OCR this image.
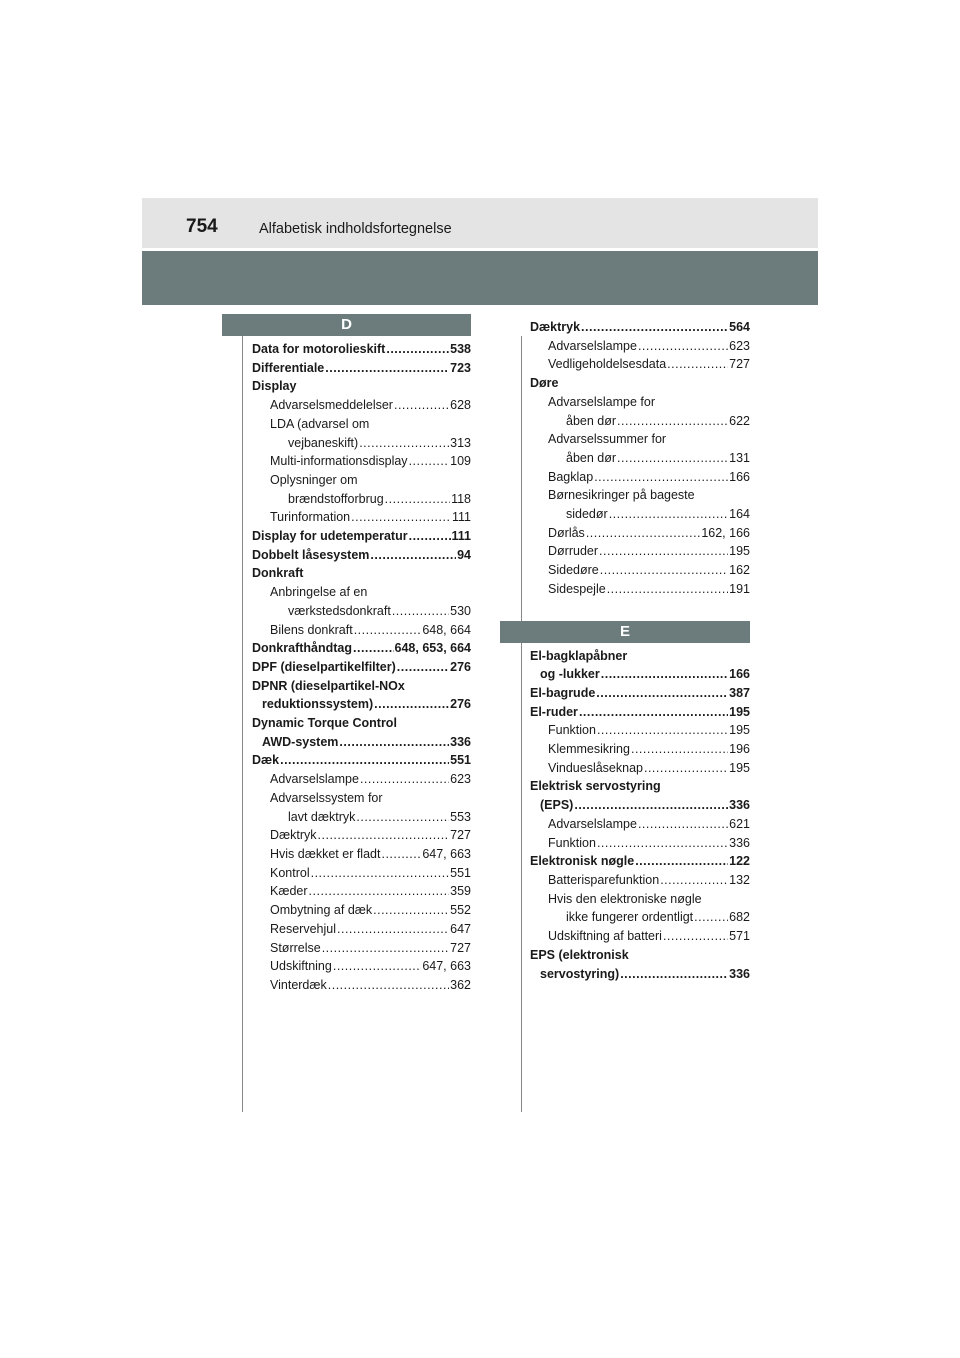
754	Alfabetisk indholdsfortegnelse
D
Data for motorolieskift .....	538
Differentiale .....	723
Display
Advarselsmeddelelser .....	628
LDA (advarsel om
vejbaneskift) .....	313
Multi-informationsdisplay .....	109
Oplysninger om
brændstofforbrug .....	118
Turinformation .....	111
Display for udetemperatur .....	111
Dobbelt låsesystem .....	94
Donkraft
Anbringelse af en
værkstedsdonkraft .....	530
Bilens donkraft .....	648, 664
Donkrafthåndtag .....	648, 653, 664
DPF (dieselpartikelfilter) .....	276
DPNR (dieselpartikel-NOx
reduktionssystem) .....	276
Dynamic Torque Control
AWD-system .....	336
Dæk .....	551
Advarselslampe .....	623
Advarselssystem for
lavt dæktryk .....	553
Dæktryk .....	727
Hvis dækket er fladt .....	647, 663
Kontrol .....	551
Kæder .....	359
Ombytning af dæk .....	552
Reservehjul .....	647
Størrelse .....	727
Udskiftning .....	647, 663
Vinterdæk .....	362
Dæktryk .....	564
Advarselslampe .....	623
Vedligeholdelsesdata .....	727
Døre
Advarselslampe for
åben dør .....	622
Advarselssummer for
åben dør .....	131
Bagklap .....	166
Børnesikringer på bageste
sidedør .....	164
Dørlås .....	162, 166
Dørruder .....	195
Sidedøre .....	162
Sidespejle .....	191
E
El-bagklapåbner
og -lukker .....	166
El-bagrude .....	387
El-ruder .....	195
Funktion .....	195
Klemmesikring .....	196
Vindueslåseknap .....	195
Elektrisk servostyring
(EPS) .....	336
Advarselslampe .....	621
Funktion .....	336
Elektronisk nøgle .....	122
Batterisparefunktion .....	132
Hvis den elektroniske nøgle
ikke fungerer ordentligt .....	682
Udskiftning af batteri .....	571
EPS (elektronisk
servostyring) .....	336
